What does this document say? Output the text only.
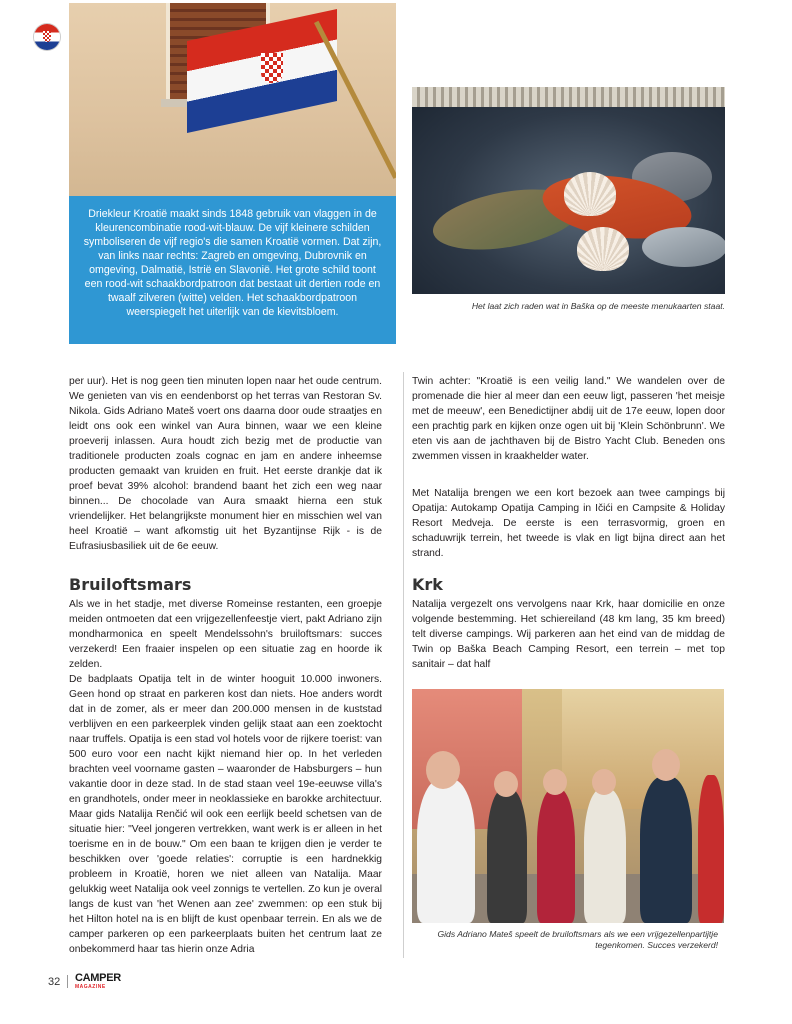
Driekleur Kroatië maakt sinds 1848 gebruik van vlaggen in de kleurencombinatie rood-wit-blauw. De vijf kleinere schilden symboliseren de vijf regio's die samen Kroatië vormen. Dat zijn, van links naar rechts: Zagreb en omgeving, Dubrovnik en omgeving, Dalmatië, Istrië en Slavonië. Het grote schild toont een rood-wit schaakbordpatroon dat bestaat uit dertien rode en twaalf zilveren (witte) velden. Het schaakbordpatroon weerspiegelt het uiterlijk van de kievitsbloem.	Het laat zich raden wat in Baška op de meeste menukaarten staat.
per uur). Het is nog geen tien minuten lopen naar het oude centrum. We genieten van vis en eendenborst op het terras van Restoran Sv. Nikola. Gids Adriano Mateš voert ons daarna door oude straatjes en leidt ons ook een winkel van Aura binnen, waar we een kleine proeverij inlassen. Aura houdt zich bezig met de productie van traditionele producten zoals cognac en jam en andere inheemse producten gemaakt van kruiden en fruit. Het eerste drankje dat ik proef bevat 39% alcohol: brandend baant het zich een weg naar binnen... De chocolade van Aura smaakt hierna een stuk vriendelijker. Het belangrijkste monument hier en misschien wel van heel Kroatië – want afkomstig uit het Byzantijnse Rijk - is de Eufrasiusbasiliek uit de 6e eeuw.
Bruiloftsmars
Als we in het stadje, met diverse Romeinse restanten, een groepje meiden ontmoeten dat een vrijgezellenfeestje viert, pakt Adriano zijn mondharmonica en speelt Mendelssohn's bruiloftsmars: succes verzekerd! Een fraaier inspelen op een situatie zag en hoorde ik zelden.
De badplaats Opatija telt in de winter hooguit 10.000 inwoners. Geen hond op straat en parkeren kost dan niets. Hoe anders wordt dat in de zomer, als er meer dan 200.000 mensen in de kuststad verblijven en een parkeerplek vinden gelijk staat aan een zoektocht naar truffels. Opatija is een stad vol hotels voor de rijkere toerist: van 500 euro voor een nacht kijkt niemand hier op. In het verleden brachten veel voorname gasten – waaronder de Habsburgers – hun vakantie door in deze stad. In de stad staan veel 19e-eeuwse villa's en grandhotels, onder meer in neoklassieke en barokke architectuur. Maar gids Natalija Renčić wil ook een eerlijk beeld schetsen van de situatie hier: "Veel jongeren vertrekken, want werk is er alleen in het toerisme en in de bouw." Om een baan te krijgen dien je verder te beschikken over 'goede relaties': corruptie is een hardnekkig probleem in Kroatië, horen we niet alleen van Natalija. Maar gelukkig weet Natalija ook veel zonnigs te vertellen. Zo kun je overal langs de kust van 'het Wenen aan zee' zwemmen: op een stuk bij het Hilton hotel na is en blijft de kust openbaar terrein. En als we de camper parkeren op een parkeerplaats buiten het centrum laat ze onbekommerd haar tas hierin onze Adria
Twin achter: "Kroatië is een veilig land." We wandelen over de promenade die hier al meer dan een eeuw ligt, passeren 'het meisje met de meeuw', een Benedictijner abdij uit de 17e eeuw, lopen door een prachtig park en kijken onze ogen uit bij 'Klein Schönbrunn'. We eten vis aan de jachthaven bij de Bistro Yacht Club. Beneden ons zwemmen vissen in kraakhelder water.
Met Natalija brengen we een kort bezoek aan twee campings bij Opatija: Autokamp Opatija Camping in Ičići en Campsite & Holiday Resort Medveja. De eerste is een terrasvormig, groen en schaduwrijk terrein, het tweede is vlak en ligt bijna direct aan het strand.
Krk
Natalija vergezelt ons vervolgens naar Krk, haar domicilie en onze volgende bestemming. Het schiereiland (48 km lang, 35 km breed) telt diverse campings. Wij parkeren aan het eind van de middag de Twin op Baška Beach Camping Resort, een terrein – met top sanitair – dat half
Gids Adriano Mateš speelt de bruiloftsmars als we een vrijgezellenpartijtje tegenkomen. Succes verzekerd!
32 CAMPER
MAGAZINE
